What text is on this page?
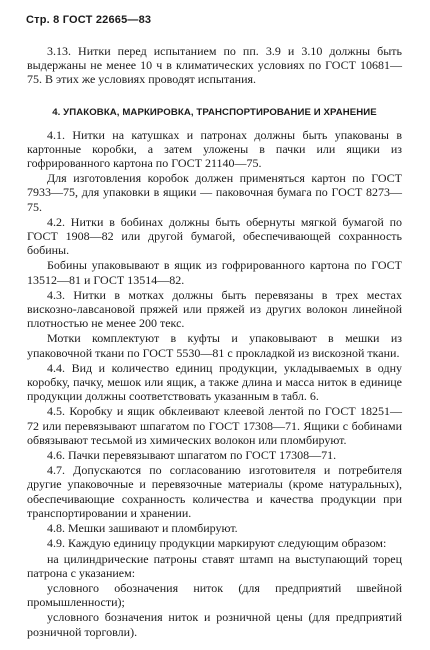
Стр. 8 ГОСТ 22665—83

3.13. Нитки перед испытанием по пп. 3.9 и 3.10 должны быть выдержаны не менее 10 ч в климатических условиях по ГОСТ 10681—75. В этих же условиях проводят испытания.

4. УПАКОВКА, МАРКИРОВКА, ТРАНСПОРТИРОВАНИЕ И ХРАНЕНИЕ

4.1. Нитки на катушках и патронах должны быть упакованы в картонные коробки, а затем уложены в пачки или ящики из гофрированного картона по ГОСТ 21140—75.

Для изготовления коробок должен применяться картон по ГОСТ 7933—75, для упаковки в ящики — паковочная бумага по ГОСТ 8273—75.

4.2. Нитки в бобинах должны быть обернуты мягкой бумагой по ГОСТ 1908—82 или другой бумагой, обеспечивающей сохранность бобины.

Бобины упаковывают в ящик из гофрированного картона по ГОСТ 13512—81 и ГОСТ 13514—82.

4.3. Нитки в мотках должны быть перевязаны в трех местах вискозно-лавсановой пряжей или пряжей из других волокон линейной плотностью не менее 200 текс.

Мотки комплектуют в куфты и упаковывают в мешки из упаковочной ткани по ГОСТ 5530—81 с прокладкой из вискозной ткани.

4.4. Вид и количество единиц продукции, укладываемых в одну коробку, пачку, мешок или ящик, а также длина и масса ниток в единице продукции должны соответствовать указанным в табл. 6.

4.5. Коробку и ящик обклеивают клеевой лентой по ГОСТ 18251—72 или перевязывают шпагатом по ГОСТ 17308—71. Ящики с бобинами обвязывают тесьмой из химических волокон или пломбируют.

4.6. Пачки перевязывают шпагатом по ГОСТ 17308—71.

4.7. Допускаются по согласованию изготовителя и потребителя другие упаковочные и перевязочные материалы (кроме натуральных), обеспечивающие сохранность количества и качества продукции при транспортировании и хранении.

4.8. Мешки зашивают и пломбируют.

4.9. Каждую единицу продукции маркируют следующим образом:

на цилиндрические патроны ставят штамп на выступающий торец патрона с указанием:

условного обозначения ниток (для предприятий швейной промышленности);

условного бозначения ниток и розничной цены (для предприятий розничной торговли).
